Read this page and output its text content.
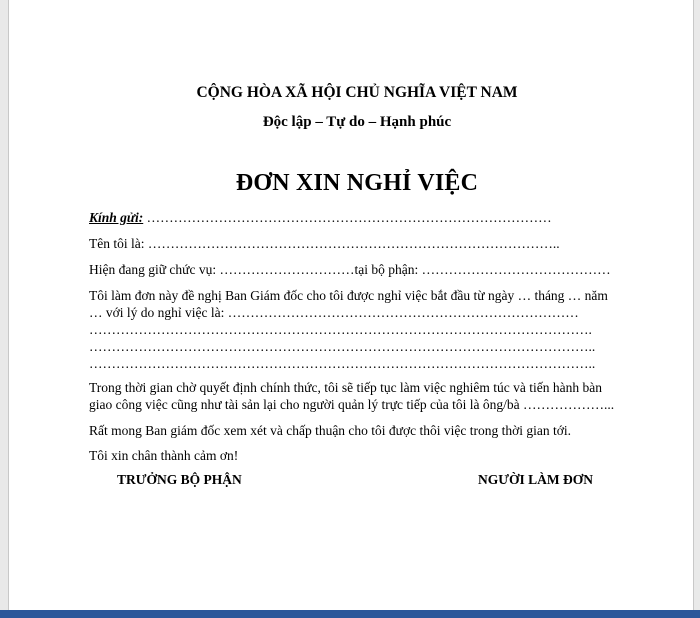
CỘNG HÒA XÃ HỘI CHỦ NGHĨA VIỆT NAM

Độc lập – Tự do – Hạnh phúc

ĐƠN XIN NGHỈ VIỆC

Kính gửi: ………………………………………………………………………………

Tên tôi là: ………………………………………………………………………………..

Hiện đang giữ chức vụ: …………………………tại bộ phận: ……………………………………

Tôi làm đơn này đề nghị Ban Giám đốc cho tôi được nghỉ việc bắt đầu từ ngày … tháng … năm

… với lý do nghỉ việc là: ……………………………………………………………………

………………………………………………………………………………………………….

…………………………………………………………………………………………………..

…………………………………………………………………………………………………..

Trong thời gian chờ quyết định chính thức, tôi sẽ tiếp tục làm việc nghiêm túc và tiến hành bàn

giao công việc cũng như tài sản lại cho người quản lý trực tiếp của tôi là ông/bà ………………...

Rất mong Ban giám đốc xem xét và chấp thuận cho tôi được thôi việc trong thời gian tới.

Tôi xin chân thành cảm ơn!

TRƯỞNG BỘ PHẬN	NGƯỜI LÀM ĐƠN
